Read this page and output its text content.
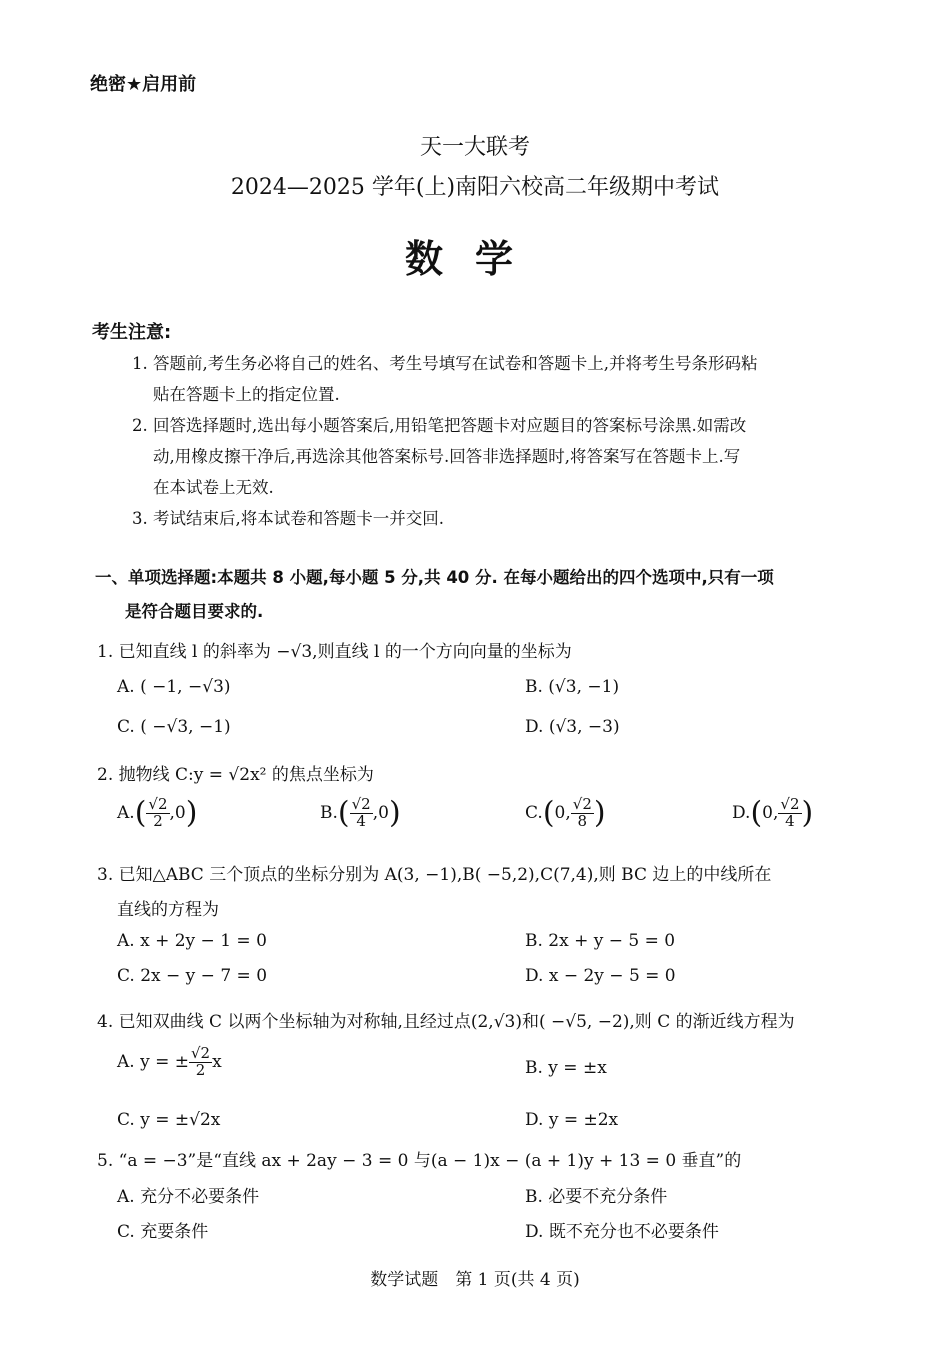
绝密★启用前
天一大联考
2024—2025 学年(上)南阳六校高二年级期中考试
数学
考生注意:
1. 答题前,考生务必将自己的姓名、考生号填写在试卷和答题卡上,并将考生号条形码粘
贴在答题卡上的指定位置.
2. 回答选择题时,选出每小题答案后,用铅笔把答题卡对应题目的答案标号涂黑.如需改
动,用橡皮擦干净后,再选涂其他答案标号.回答非选择题时,将答案写在答题卡上.写
在本试卷上无效.
3. 考试结束后,将本试卷和答题卡一并交回.
一、单项选择题:本题共 8 小题,每小题 5 分,共 40 分. 在每小题给出的四个选项中,只有一项
是符合题目要求的.
1. 已知直线 l 的斜率为 −√3,则直线 l 的一个方向向量的坐标为
A. ( −1, −√3)	B. (√3, −1)
C. ( −√3, −1)	D. (√3, −3)
2. 抛物线 C:y = √2x² 的焦点坐标为
$A.( \frac{√2}{2} ,0)$	$B.( \frac{√2}{4} ,0)$	C.(0, $\frac{√2}{8}$ )	D.(0, $\frac{√2}{4}$ )
3. 已知△ABC 三个顶点的坐标分别为 A(3, −1),B( −5,2),C(7,4),则 BC 边上的中线所在
直线的方程为
A. x + 2y − 1 = 0	B. 2x + y − 5 = 0
C. 2x − y − 7 = 0	D. x − 2y − 5 = 0
4. 已知双曲线 C 以两个坐标轴为对称轴,且经过点(2,√3)和( −√5, −2),则 C 的渐近线方程为
A. y = ± $\frac{√2}{2}$ x	B. y = ±x
C. y = ±√2x	D. y = ±2x
5. “a = −3”是“直线 ax + 2ay − 3 = 0 与(a − 1)x − (a + 1)y + 13 = 0 垂直”的
A. 充分不必要条件	B. 必要不充分条件
C. 充要条件	D. 既不充分也不必要条件
数学试题　第 1 页(共 4 页)
